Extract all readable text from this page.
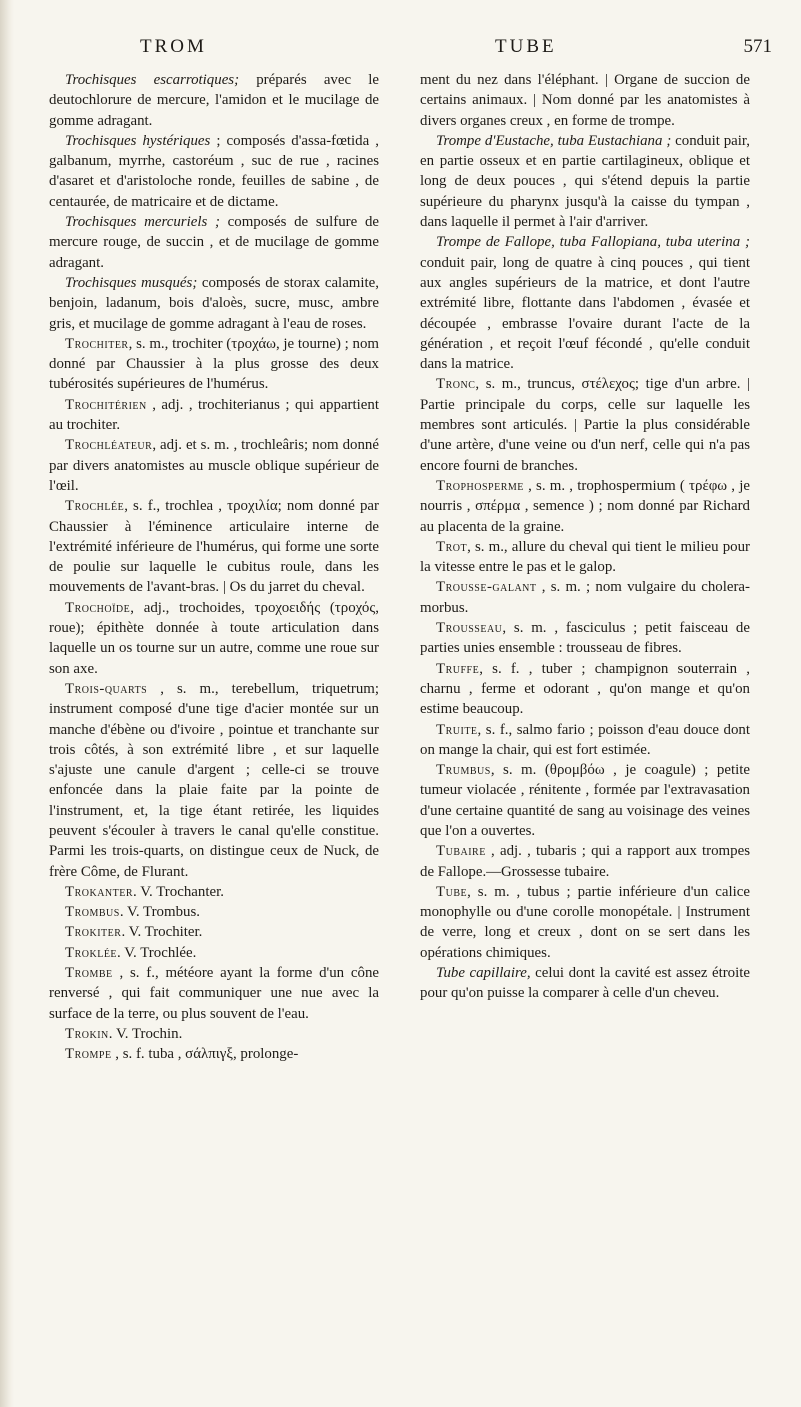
TROM	TUBE	571

Trochisques escarrotiques; préparés avec le deutochlorure de mercure, l'amidon et le mucilage de gomme adragant.

Trochisques hystériques ; composés d'assa-fœtida , galbanum, myrrhe, castoréum , suc de rue , racines d'asaret et d'aristoloche ronde, feuilles de sabine , de centaurée, de matricaire et de dictame.

Trochisques mercuriels ; composés de sulfure de mercure rouge, de succin , et de mucilage de gomme adragant.

Trochisques musqués; composés de storax calamite, benjoin, ladanum, bois d'aloès, sucre, musc, ambre gris, et mucilage de gomme adragant à l'eau de roses.

Trochiter, s. m., trochiter (τροχάω, je tourne) ; nom donné par Chaussier à la plus grosse des deux tubérosités supérieures de l'humérus.

Trochitérien , adj. , trochiterianus ; qui appartient au trochiter.

Trochléateur, adj. et s. m. , trochleâris; nom donné par divers anatomistes au muscle oblique supérieur de l'œil.

Trochlée, s. f., trochlea , τροχιλία; nom donné par Chaussier à l'éminence articulaire interne de l'extrémité inférieure de l'humérus, qui forme une sorte de poulie sur laquelle le cubitus roule, dans les mouvements de l'avant-bras. | Os du jarret du cheval.

Trochoïde, adj., trochoides, τροχοειδής (τροχός, roue); épithète donnée à toute articulation dans laquelle un os tourne sur un autre, comme une roue sur son axe.

Trois-quarts , s. m., terebellum, triquetrum; instrument composé d'une tige d'acier montée sur un manche d'ébène ou d'ivoire , pointue et tranchante sur trois côtés, à son extrémité libre , et sur laquelle s'ajuste une canule d'argent ; celle-ci se trouve enfoncée dans la plaie faite par la pointe de l'instrument, et, la tige étant retirée, les liquides peuvent s'écouler à travers le canal qu'elle constitue. Parmi les trois-quarts, on distingue ceux de Nuck, de frère Côme, de Flurant.

Trokanter. V. Trochanter.

Trombus. V. Trombus.

Trokiter. V. Trochiter.

Troklée. V. Trochlée.

Trombe , s. f., météore ayant la forme d'un cône renversé , qui fait communiquer une nue avec la surface de la terre, ou plus souvent de l'eau.

Trokin. V. Trochin.

Trompe , s. f. tuba , σάλπιγξ, prolonge-

ment du nez dans l'éléphant. | Organe de succion de certains animaux. | Nom donné par les anatomistes à divers organes creux , en forme de trompe.

Trompe d'Eustache, tuba Eustachiana ; conduit pair, en partie osseux et en partie cartilagineux, oblique et long de deux pouces , qui s'étend depuis la partie supérieure du pharynx jusqu'à la caisse du tympan , dans laquelle il permet à l'air d'arriver.

Trompe de Fallope, tuba Fallopiana, tuba uterina ; conduit pair, long de quatre à cinq pouces , qui tient aux angles supérieurs de la matrice, et dont l'autre extrémité libre, flottante dans l'abdomen , évasée et découpée , embrasse l'ovaire durant l'acte de la génération , et reçoit l'œuf fécondé , qu'elle conduit dans la matrice.

Tronc, s. m., truncus, στέλεχος; tige d'un arbre. | Partie principale du corps, celle sur laquelle les membres sont articulés. | Partie la plus considérable d'une artère, d'une veine ou d'un nerf, celle qui n'a pas encore fourni de branches.

Trophosperme , s. m. , trophospermium ( τρέφω , je nourris , σπέρμα , semence ) ; nom donné par Richard au placenta de la graine.

Trot, s. m., allure du cheval qui tient le milieu pour la vitesse entre le pas et le galop.

Trousse-galant , s. m. ; nom vulgaire du cholera-morbus.

Trousseau, s. m. , fasciculus ; petit faisceau de parties unies ensemble : trousseau de fibres.

Truffe, s. f. , tuber ; champignon souterrain , charnu , ferme et odorant , qu'on mange et qu'on estime beaucoup.

Truite, s. f., salmo fario ; poisson d'eau douce dont on mange la chair, qui est fort estimée.

Trumbus, s. m. (θρομβόω , je coagule) ; petite tumeur violacée , rénitente , formée par l'extravasation d'une certaine quantité de sang au voisinage des veines que l'on a ouvertes.

Tubaire , adj. , tubaris ; qui a rapport aux trompes de Fallope.—Grossesse tubaire.

Tube, s. m. , tubus ; partie inférieure d'un calice monophylle ou d'une corolle monopétale. | Instrument de verre, long et creux , dont on se sert dans les opérations chimiques.

Tube capillaire, celui dont la cavité est assez étroite pour qu'on puisse la comparer à celle d'un cheveu.
